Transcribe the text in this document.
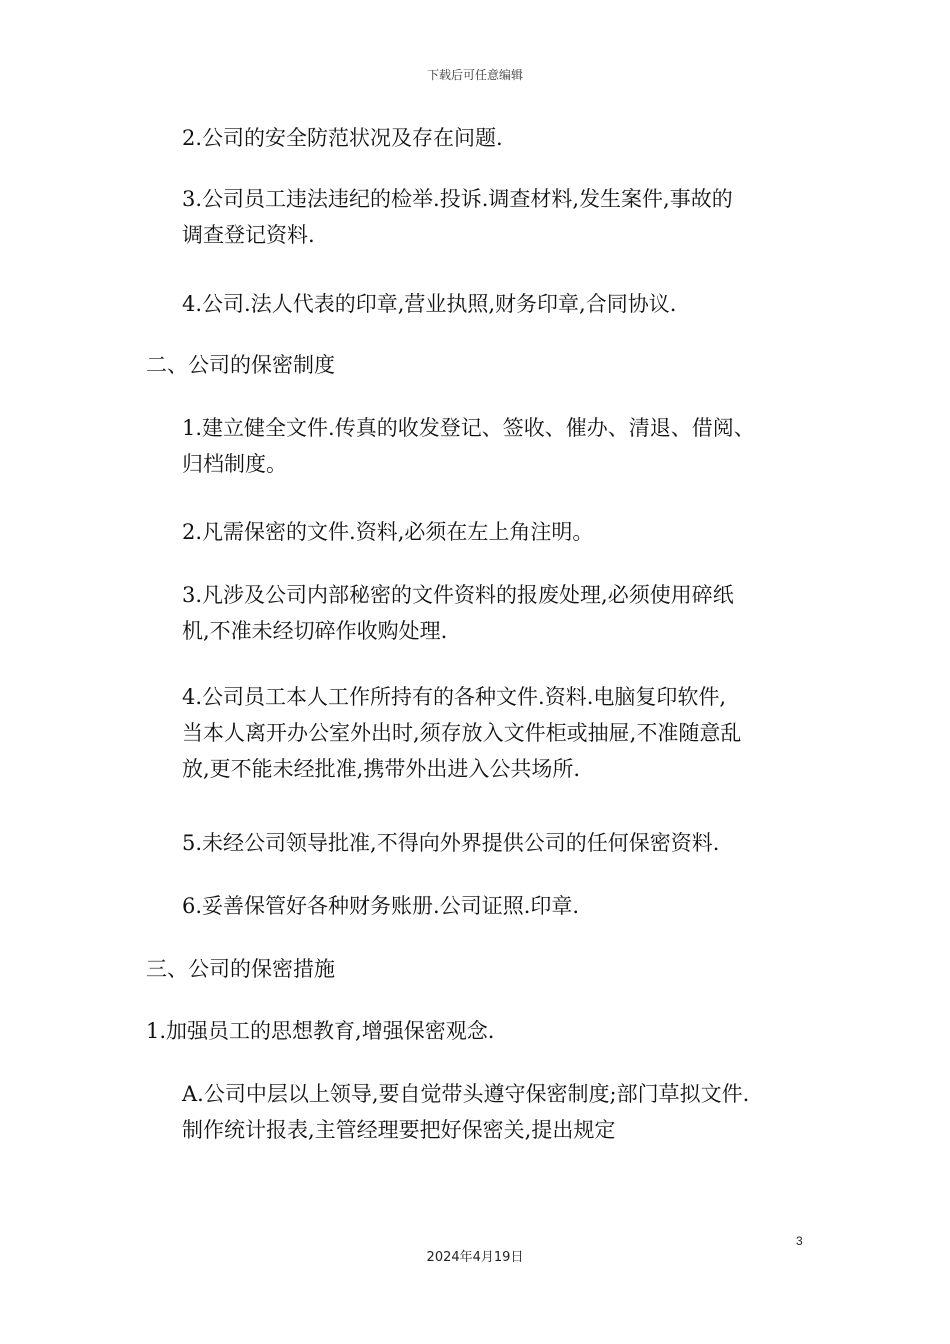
下载后可任意编辑

2.公司的安全防范状况及存在问题.

3.公司员工违法违纪的检举.投诉.调查材料,发生案件,事故的
调查登记资料.

4.公司.法人代表的印章,营业执照,财务印章,合同协议.

二、公司的保密制度

1.建立健全文件.传真的收发登记、签收、催办、清退、借阅、
归档制度。

2.凡需保密的文件.资料,必须在左上角注明。

3.凡涉及公司内部秘密的文件资料的报废处理,必须使用碎纸
机,不准未经切碎作收购处理.

4.公司员工本人工作所持有的各种文件.资料.电脑复印软件,
当本人离开办公室外出时,须存放入文件柜或抽屉,不准随意乱
放,更不能未经批准,携带外出进入公共场所.

5.未经公司领导批准,不得向外界提供公司的任何保密资料.

6.妥善保管好各种财务账册.公司证照.印章.

三、公司的保密措施

1.加强员工的思想教育,增强保密观念.

A.公司中层以上领导,要自觉带头遵守保密制度;部门草拟文件.
制作统计报表,主管经理要把好保密关,提出规定

3
2024年4月19日
